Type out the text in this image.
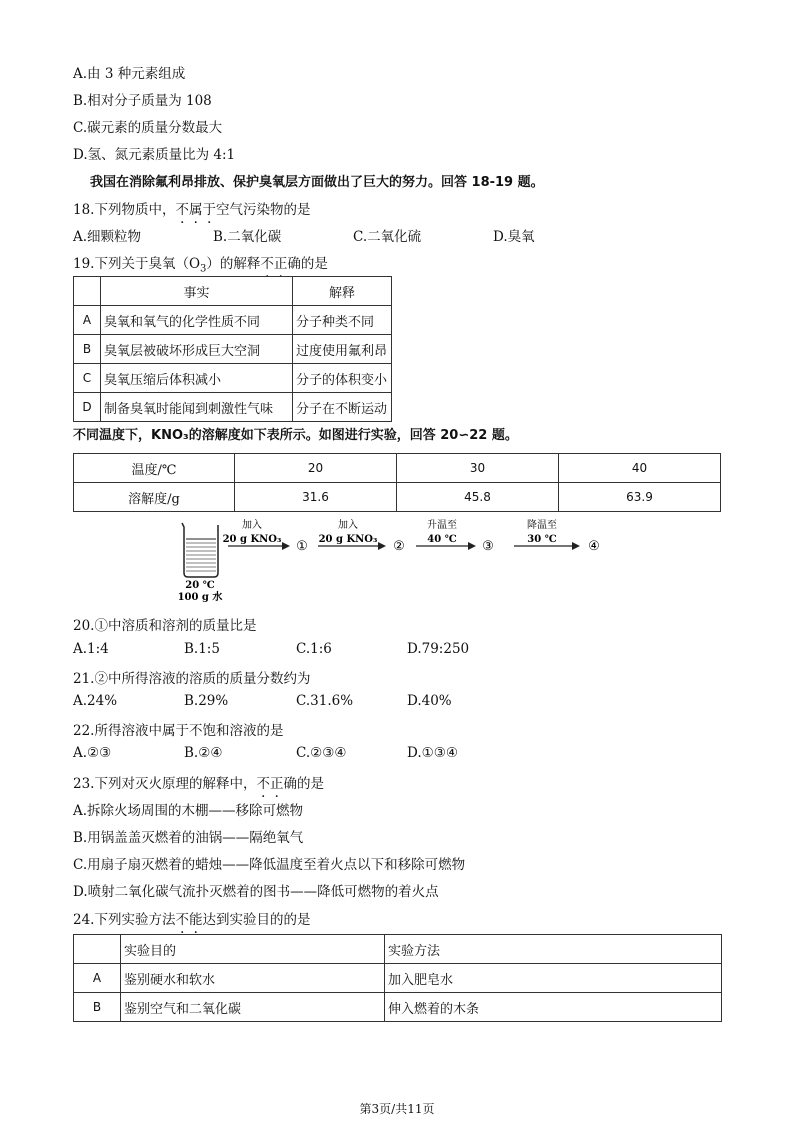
A.由 3 种元素组成
B.相对分子质量为 108
C.碳元素的质量分数最大
D.氢、氮元素质量比为 4:1
我国在消除氟利昂排放、保护臭氧层方面做出了巨大的努力。回答 18-19 题。
18.下列物质中，不属于空气污染物的是
A.细颗粒物	B.二氧化碳	C.二氧化硫	D.臭氧
19.下列关于臭氧$(O_3)$的解释不正确的是
	事实	解释
A	臭氧和氧气的化学性质不同	分子种类不同
B	臭氧层被破坏形成巨大空洞	过度使用氟利昂
C	臭氧压缩后体积减小	分子的体积变小
D	制备臭氧时能闻到刺激性气味	分子在不断运动
不同温度下，KNO₃的溶解度如下表所示。如图进行实验，回答 20∽22 题。
温度/℃	20	30	40
溶解度/g	31.6	45.8	63.9
20 ℃
100 g 水
加入
20 g KNO₃ ①
加入
20 g KNO₃ ②
升温至
40 ℃ ③
降温至
30 ℃ ④
20.①中溶质和溶剂的质量比是
A.1:4	B.1:5	C.1:6	D.79:250
21.②中所得溶液的溶质的质量分数约为
A.24%	B.29%	C.31.6%	D.40%
22.所得溶液中属于不饱和溶液的是
A.②③	B.②④	C.②③④	D.①③④
23.下列对灭火原理的解释中，不正确的是
A.拆除火场周围的木棚——移除可燃物
B.用锅盖盖灭燃着的油锅——隔绝氧气
C.用扇子扇灭燃着的蜡烛——降低温度至着火点以下和移除可燃物
D.喷射二氧化碳气流扑灭燃着的图书——降低可燃物的着火点
24.下列实验方法不能达到实验目的的是
	实验目的	实验方法
A	鉴别硬水和软水	加入肥皂水
B	鉴别空气和二氧化碳	伸入燃着的木条
第3页/共11页
